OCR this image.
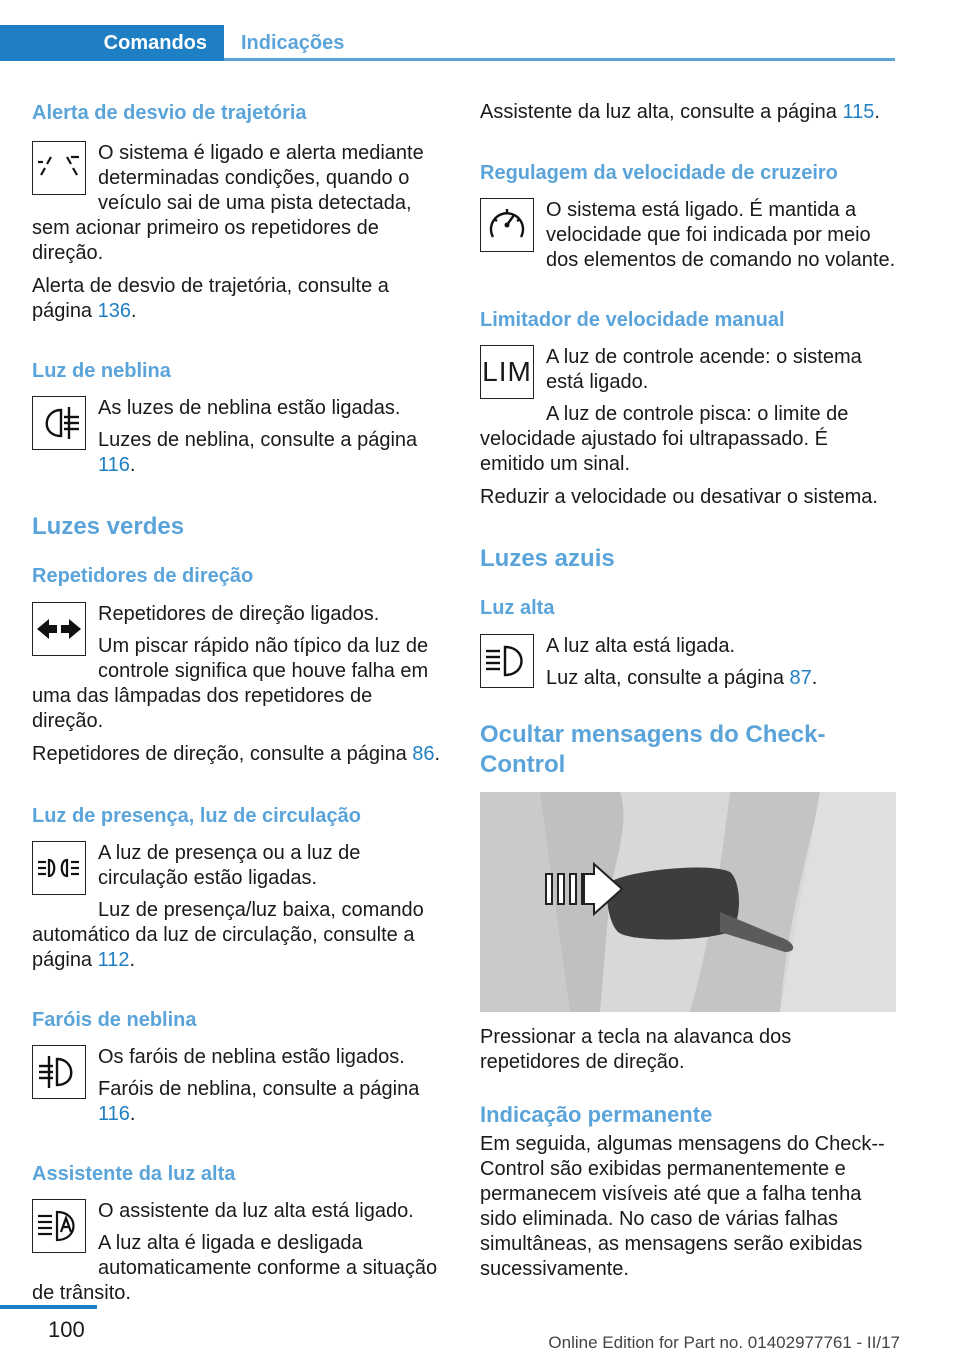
Comandos	Indicações
Alerta de desvio de trajetória

O sistema é ligado e alerta mediante determinadas condições, quando o veículo sai de uma pista detectada, sem acionar primeiro os repetidores de direção.

Alerta de desvio de trajetória, consulte a página 136.

Luz de neblina

As luzes de neblina estão ligadas.

Luzes de neblina, consulte a página
116.

Luzes verdes
Repetidores de direção

Repetidores de direção ligados.

Um piscar rápido não típico da luz de controle significa que houve falha em uma das lâmpadas dos repetidores de direção.

Repetidores de direção, consulte a página 86.

Luz de presença, luz de circulação

A luz de presença ou a luz de circulação estão ligadas.

Luz de presença/luz baixa, comando automático da luz de circulação, consulte a página 112.

Faróis de neblina

Os faróis de neblina estão ligados.

Faróis de neblina, consulte a página
116.

Assistente da luz alta

O assistente da luz alta está ligado.

A luz alta é ligada e desligada automaticamente conforme a situação de trânsito.

Assistente da luz alta, consulte a página 115.

Regulagem da velocidade de cruzeiro

O sistema está ligado. É mantida a velocidade que foi indicada por meio dos elementos de comando no volante.

Limitador de velocidade manual
LIM A luz de controle acende: o sistema está ligado.

A luz de controle pisca: o limite de velocidade ajustado foi ultrapassado. É emitido um sinal.

Reduzir a velocidade ou desativar o sistema.

Luzes azuis
Luz alta

A luz alta está ligada.

Luz alta, consulte a página 87.

Ocultar mensagens do Check-Control

Pressionar a tecla na alavanca dos repetidores de direção.

Indicação permanente

Em seguida, algumas mensagens do Check--Control são exibidas permanentemente e permanecem visíveis até que a falha tenha sido eliminada. No caso de várias falhas simultâneas, as mensagens serão exibidas sucessivamente.

100
Online Edition for Part no. 01402977761 - II/17
